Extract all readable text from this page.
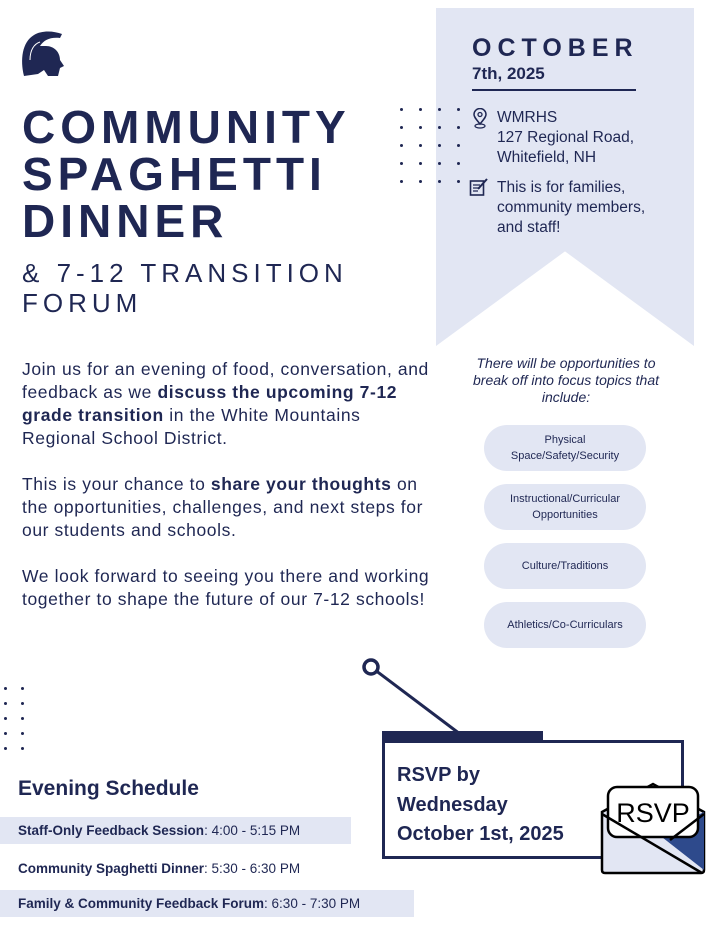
COMMUNITY
SPAGHETTI
DINNER
& 7-12 TRANSITION
FORUM

Join us for an evening of food, conversation, and feedback as we discuss the upcoming 7-12 grade transition in the White Mountains Regional School District.

This is your chance to share your thoughts on the opportunities, challenges, and next steps for our students and schools.

We look forward to seeing you there and working together to shape the future of our 7-12 schools!

OCTOBER
7th, 2025
WMRHS
127 Regional Road,
Whitefield, NH
This is for families, community members, and staff!
There will be opportunities to break off into focus topics that include:
Physical Space/Safety/Security
Instructional/Curricular Opportunities
Culture/Traditions
Athletics/Co-Curriculars
RSVP by
Wednesday
October 1st, 2025
RSVP
Evening Schedule
Staff-Only Feedback Session : 4:00 - 5:15 PM
Community Spaghetti Dinner : 5:30 - 6:30 PM
Family & Community Feedback Forum : 6:30 - 7:30 PM
